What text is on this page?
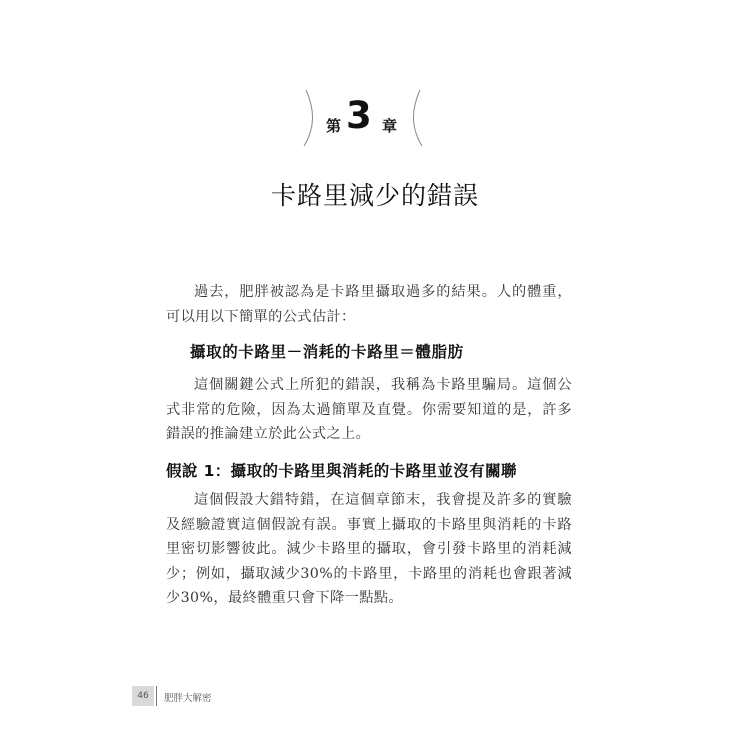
第 3 章
卡路里減少的錯誤

過去，肥胖被認為是卡路里攝取過多的結果。人的體重，可以用以下簡單的公式估計：

攝取的卡路里－消耗的卡路里＝體脂肪

這個關鍵公式上所犯的錯誤，我稱為卡路里騙局。這個公式非常的危險，因為太過簡單及直覺。你需要知道的是，許多錯誤的推論建立於此公式之上。

假說 1：攝取的卡路里與消耗的卡路里並沒有關聯

這個假設大錯特錯，在這個章節末，我會提及許多的實驗及經驗證實這個假說有誤。事實上攝取的卡路里與消耗的卡路里密切影響彼此。減少卡路里的攝取，會引發卡路里的消耗減少；例如，攝取減少30%的卡路里，卡路里的消耗也會跟著減少30%，最終體重只會下降一點點。

46	肥胖大解密
